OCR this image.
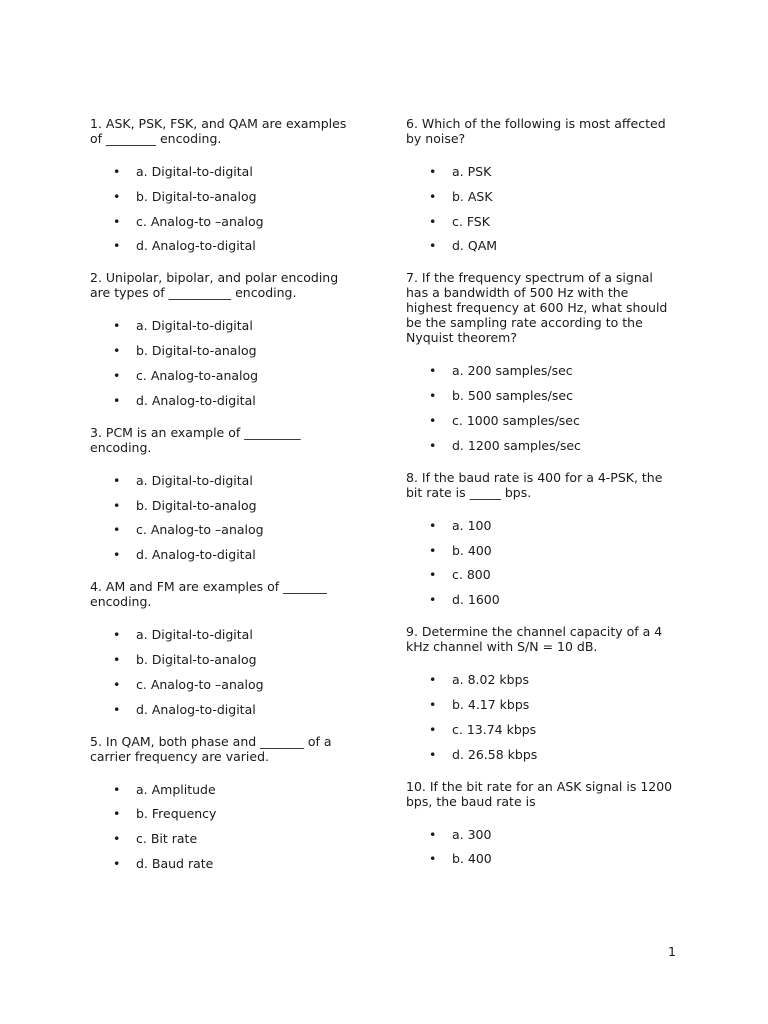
1. ASK, PSK, FSK, and QAM are examples of ________ encoding.

• a. Digital-to-digital
• b. Digital-to-analog
• c. Analog-to –analog
• d. Analog-to-digital

2. Unipolar, bipolar, and polar encoding are types of __________ encoding.

• a. Digital-to-digital
• b. Digital-to-analog
• c. Analog-to-analog
• d. Analog-to-digital

3. PCM is an example of _________ encoding.

• a. Digital-to-digital
• b. Digital-to-analog
• c. Analog-to –analog
• d. Analog-to-digital

4. AM and FM are examples of _______ encoding.

• a. Digital-to-digital
• b. Digital-to-analog
• c. Analog-to –analog
• d. Analog-to-digital

5. In QAM, both phase and _______ of a carrier frequency are varied.

• a. Amplitude
• b. Frequency
• c. Bit rate
• d. Baud rate

6. Which of the following is most affected by noise?

• a. PSK
• b. ASK
• c. FSK
• d. QAM

7. If the frequency spectrum of a signal has a bandwidth of 500 Hz with the highest frequency at 600 Hz, what should be the sampling rate according to the Nyquist theorem?

• a. 200 samples/sec
• b. 500 samples/sec
• c. 1000 samples/sec
• d. 1200 samples/sec

8. If the baud rate is 400 for a 4-PSK, the bit rate is _____ bps.

• a. 100
• b. 400
• c. 800
• d. 1600

9. Determine the channel capacity of a 4 kHz channel with S/N = 10 dB.

• a. 8.02 kbps
• b. 4.17 kbps
• c. 13.74 kbps
• d. 26.58 kbps

10. If the bit rate for an ASK signal is 1200 bps, the baud rate is

• a. 300
• b. 400
1
